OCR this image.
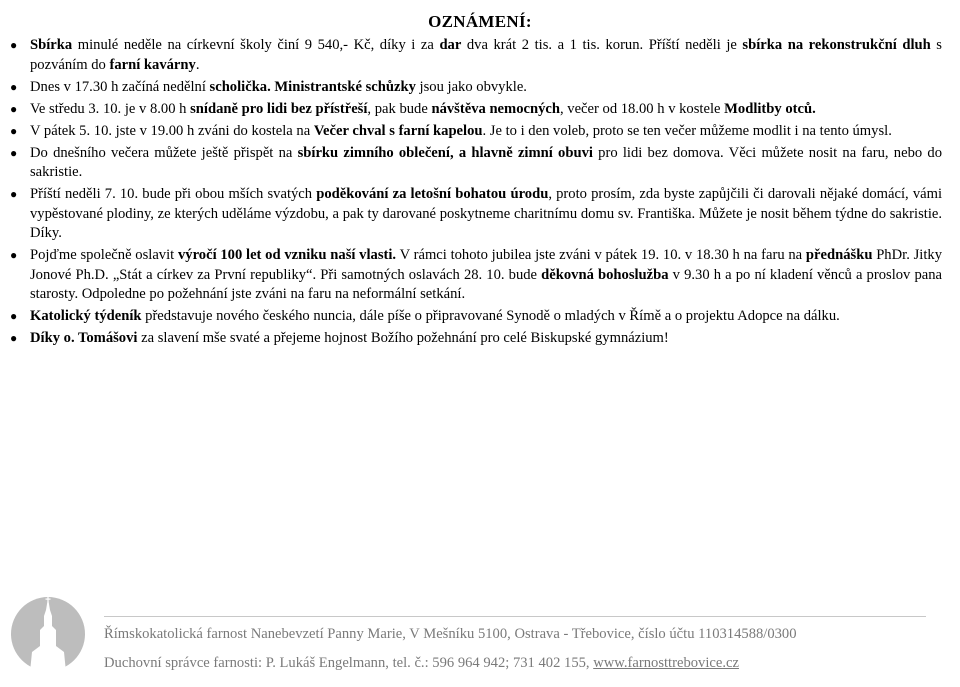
OZNÁMENÍ:
● Sbírka minulé neděle na církevní školy činí 9 540,- Kč, díky i za dar dva krát 2 tis. a 1 tis. korun. Příští neděli je sbírka na rekonstrukční dluh s pozváním do farní kavárny.
● Dnes v 17.30 h začíná nedělní scholička. Ministrantské schůzky jsou jako obvykle.
● Ve středu 3. 10. je v 8.00 h snídaně pro lidi bez přístřeší, pak bude návštěva nemocných, večer od 18.00 h v kostele Modlitby otců.
● V pátek 5. 10. jste v 19.00 h zváni do kostela na Večer chval s farní kapelou. Je to i den voleb, proto se ten večer můžeme modlit i na tento úmysl.
● Do dnešního večera můžete ještě přispět na sbírku zimního oblečení, a hlavně zimní obuvi pro lidi bez domova. Věci můžete nosit na faru, nebo do sakristie.
● Příští neděli 7. 10. bude při obou mších svatých poděkování za letošní bohatou úrodu, proto prosím, zda byste zapůjčili či darovali nějaké domácí, vámi vypěstované plodiny, ze kterých uděláme výzdobu, a pak ty darované poskytneme charitnímu domu sv. Františka. Můžete je nosit během týdne do sakristie. Díky.
● Pojďme společně oslavit výročí 100 let od vzniku naší vlasti. V rámci tohoto jubilea jste zváni v pátek 19. 10. v 18.30 h na faru na přednášku PhDr. Jitky Jonové Ph.D. „Stát a církev za První republiky“. Při samotných oslavách 28. 10. bude děkovná bohoslužba v 9.30 h a po ní kladení věnců a proslov pana starosty. Odpoledne po požehnání jste zváni na faru na neformální setkání.
● Katolický týdeník představuje nového českého nuncia, dále píše o připravované Synodě o mladých v Římě a o projektu Adopce na dálku.
● Díky o. Tomášovi za slavení mše svaté a přejeme hojnost Božího požehnání pro celé Biskupské gymnázium!
Římskokatolická farnost Nanebevzetí Panny Marie, V Mešníku 5100, Ostrava - Třebovice, číslo účtu 110314588/0300
Duchovní správce farnosti: P. Lukáš Engelmann, tel. č.: 596 964 942; 731 402 155, www.farnosttrebovice.cz
